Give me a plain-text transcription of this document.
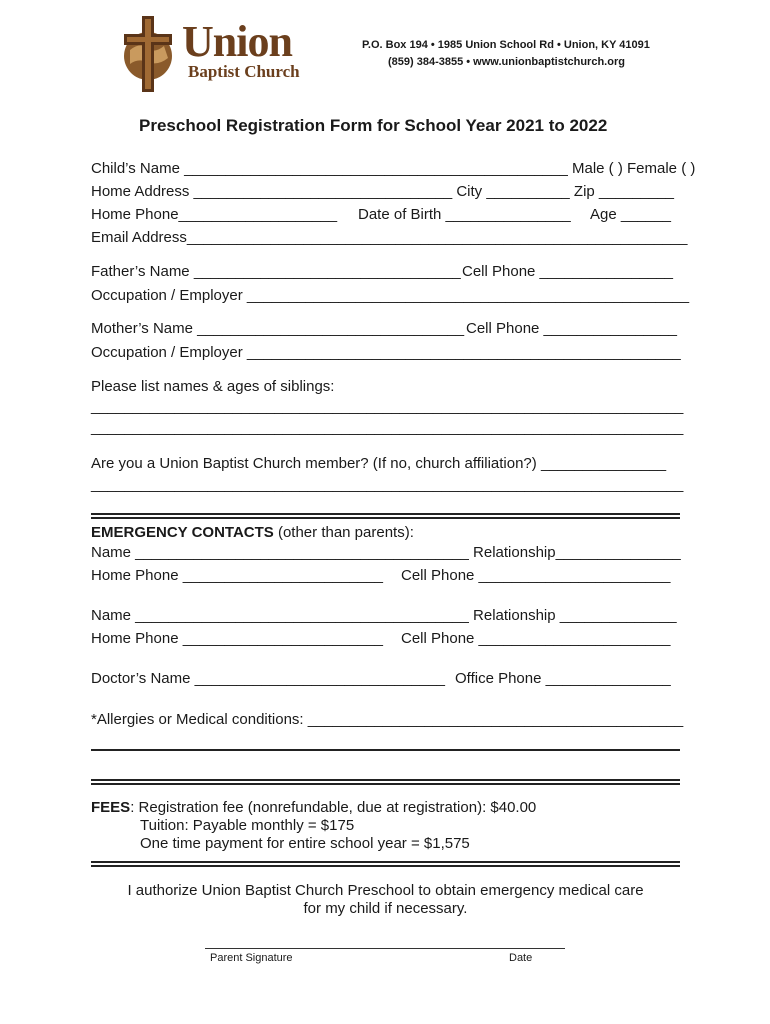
Union
Baptist Church
P.O. Box 194 • 1985 Union School Rd • Union, KY 41091
(859) 384-3855 • www.unionbaptistchurch.org
Preschool Registration Form for School Year 2021 to 2022
Child’s Name ______________________________________________ Male ( ) Female ( )
Home Address _______________________________ City __________ Zip _________
Home Phone___________________ Date of Birth _______________ Age ______
Email Address____________________________________________________________
Father’s Name ________________________________ Cell Phone ________________
Occupation / Employer _____________________________________________________
Mother’s Name ________________________________ Cell Phone ________________
Occupation / Employer ____________________________________________________
Please list names & ages of siblings:
_______________________________________________________________________
_______________________________________________________________________
Are you a Union Baptist Church member? (If no, church affiliation?) _______________
_______________________________________________________________________
EMERGENCY CONTACTS (other than parents):
Name ________________________________________ Relationship_______________
Home Phone ________________________ Cell Phone _______________________
Name ________________________________________ Relationship ______________
Home Phone ________________________ Cell Phone _______________________
Doctor’s Name ______________________________ Office Phone _______________
*Allergies or Medical conditions: _____________________________________________
FEES: Registration fee (nonrefundable, due at registration): $40.00
Tuition: Payable monthly = $175
One time payment for entire school year = $1,575
I authorize Union Baptist Church Preschool to obtain emergency medical care
for my child if necessary.
Parent Signature	Date
